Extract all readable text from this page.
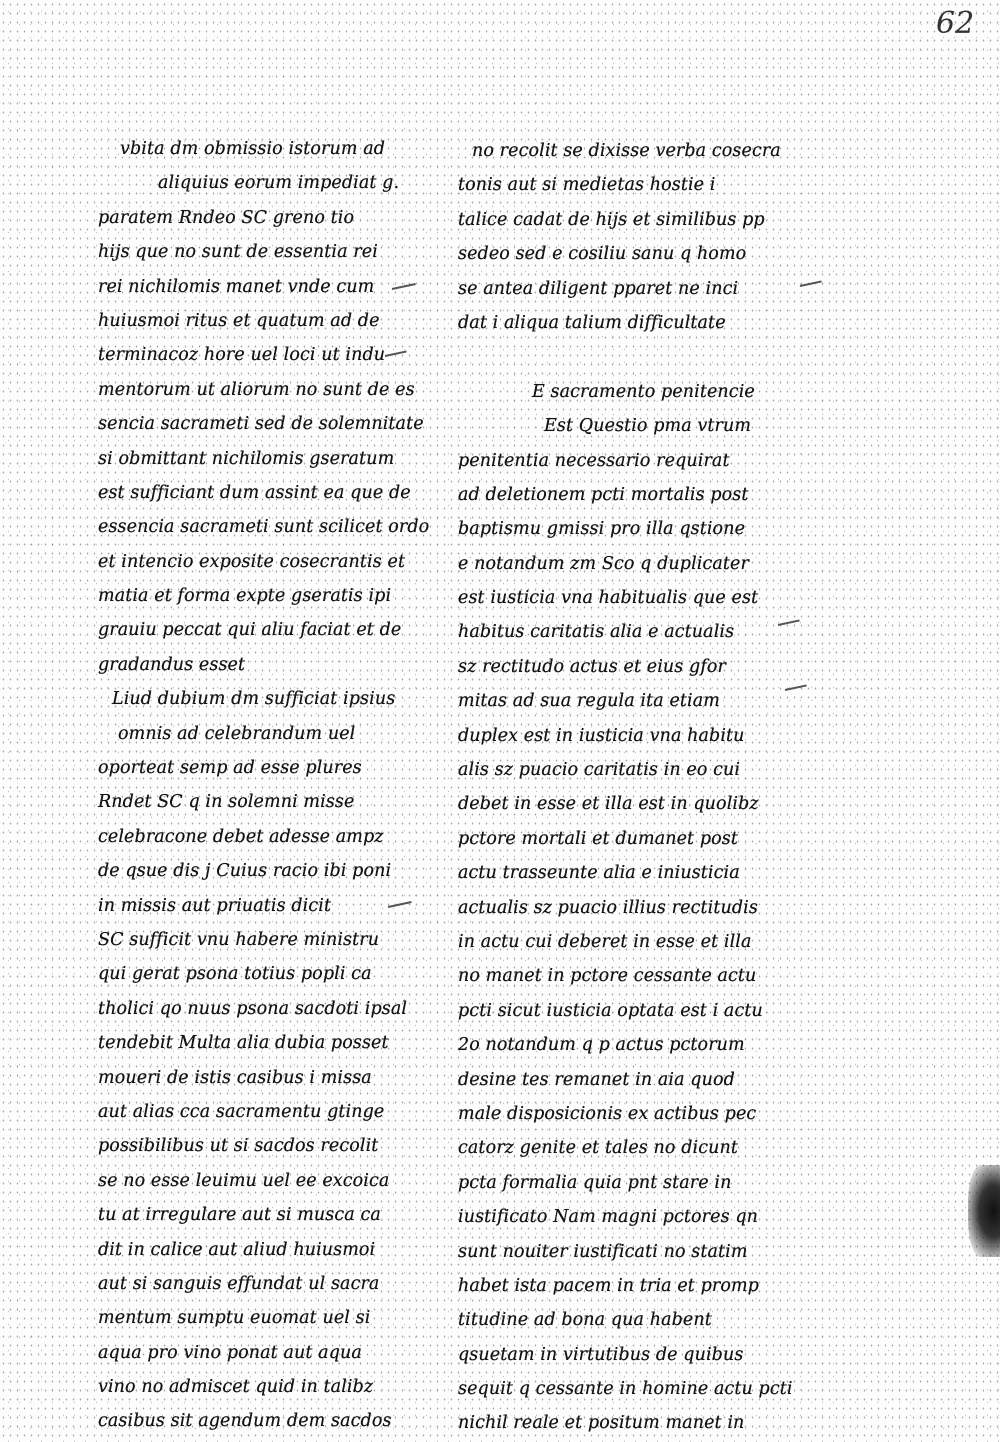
62
vbita dm obmissio istorum ad
aliquius eorum impediat g.
paratem Rndeo SC greno tio
hijs que no sunt de essentia rei
rei nichilomis manet vnde cum
huiusmoi ritus et quatum ad de
terminacoz hore uel loci ut indu
mentorum ut aliorum no sunt de es
sencia sacrameti sed de solemnitate
si obmittant nichilomis gseratum
est sufficiant dum assint ea que de
essencia sacrameti sunt scilicet ordo
et intencio exposite cosecrantis et
matia et forma expte gseratis ipi
grauiu peccat qui aliu faciat et de
gradandus esset
Liud dubium dm sufficiat ipsius
omnis ad celebrandum uel
oporteat semp ad esse plures
Rndet SC q in solemni misse
celebracone debet adesse ampz
de qsue dis j Cuius racio ibi poni
in missis aut priuatis dicit
SC sufficit vnu habere ministru
qui gerat psona totius popli ca
tholici qo nuus psona sacdoti ipsal
tendebit Multa alia dubia posset
moueri de istis casibus i missa
aut alias cca sacramentu gtinge
possibilibus ut si sacdos recolit
se no esse leuimu uel ee excoica
tu at irregulare aut si musca ca
dit in calice aut aliud huiusmoi
aut si sanguis effundat ul sacra
mentum sumptu euomat uel si
aqua pro vino ponat aut aqua
vino no admiscet quid in talibz
casibus sit agendum dem sacdos
no recolit se dixisse verba cosecra
tonis aut si medietas hostie i
talice cadat de hijs et similibus pp
sedeo sed e cosiliu sanu q homo
se antea diligent pparet ne inci
dat i aliqua talium difficultate
E sacramento penitencie
Est Questio pma vtrum
penitentia necessario requirat
ad deletionem pcti mortalis post
baptismu gmissi pro illa qstione
e notandum zm Sco q duplicater
est iusticia vna habitualis que est
habitus caritatis alia e actualis
sz rectitudo actus et eius gfor
mitas ad sua regula ita etiam
duplex est in iusticia vna habitu
alis sz puacio caritatis in eo cui
debet in esse et illa est in quolibz
pctore mortali et dumanet post
actu trasseunte alia e iniusticia
actualis sz puacio illius rectitudis
in actu cui deberet in esse et illa
no manet in pctore cessante actu
pcti sicut iusticia optata est i actu
2o notandum q p actus pctorum
desine tes remanet in aia quod
male disposicionis ex actibus pec
catorz genite et tales no dicunt
pcta formalia quia pnt stare in
iustificato Nam magni pctores qn
sunt nouiter iustificati no statim
habet ista pacem in tria et promp
titudine ad bona qua habent
qsuetam in virtutibus de quibus
sequit q cessante in homine actu pcti
nichil reale et positum manet in
